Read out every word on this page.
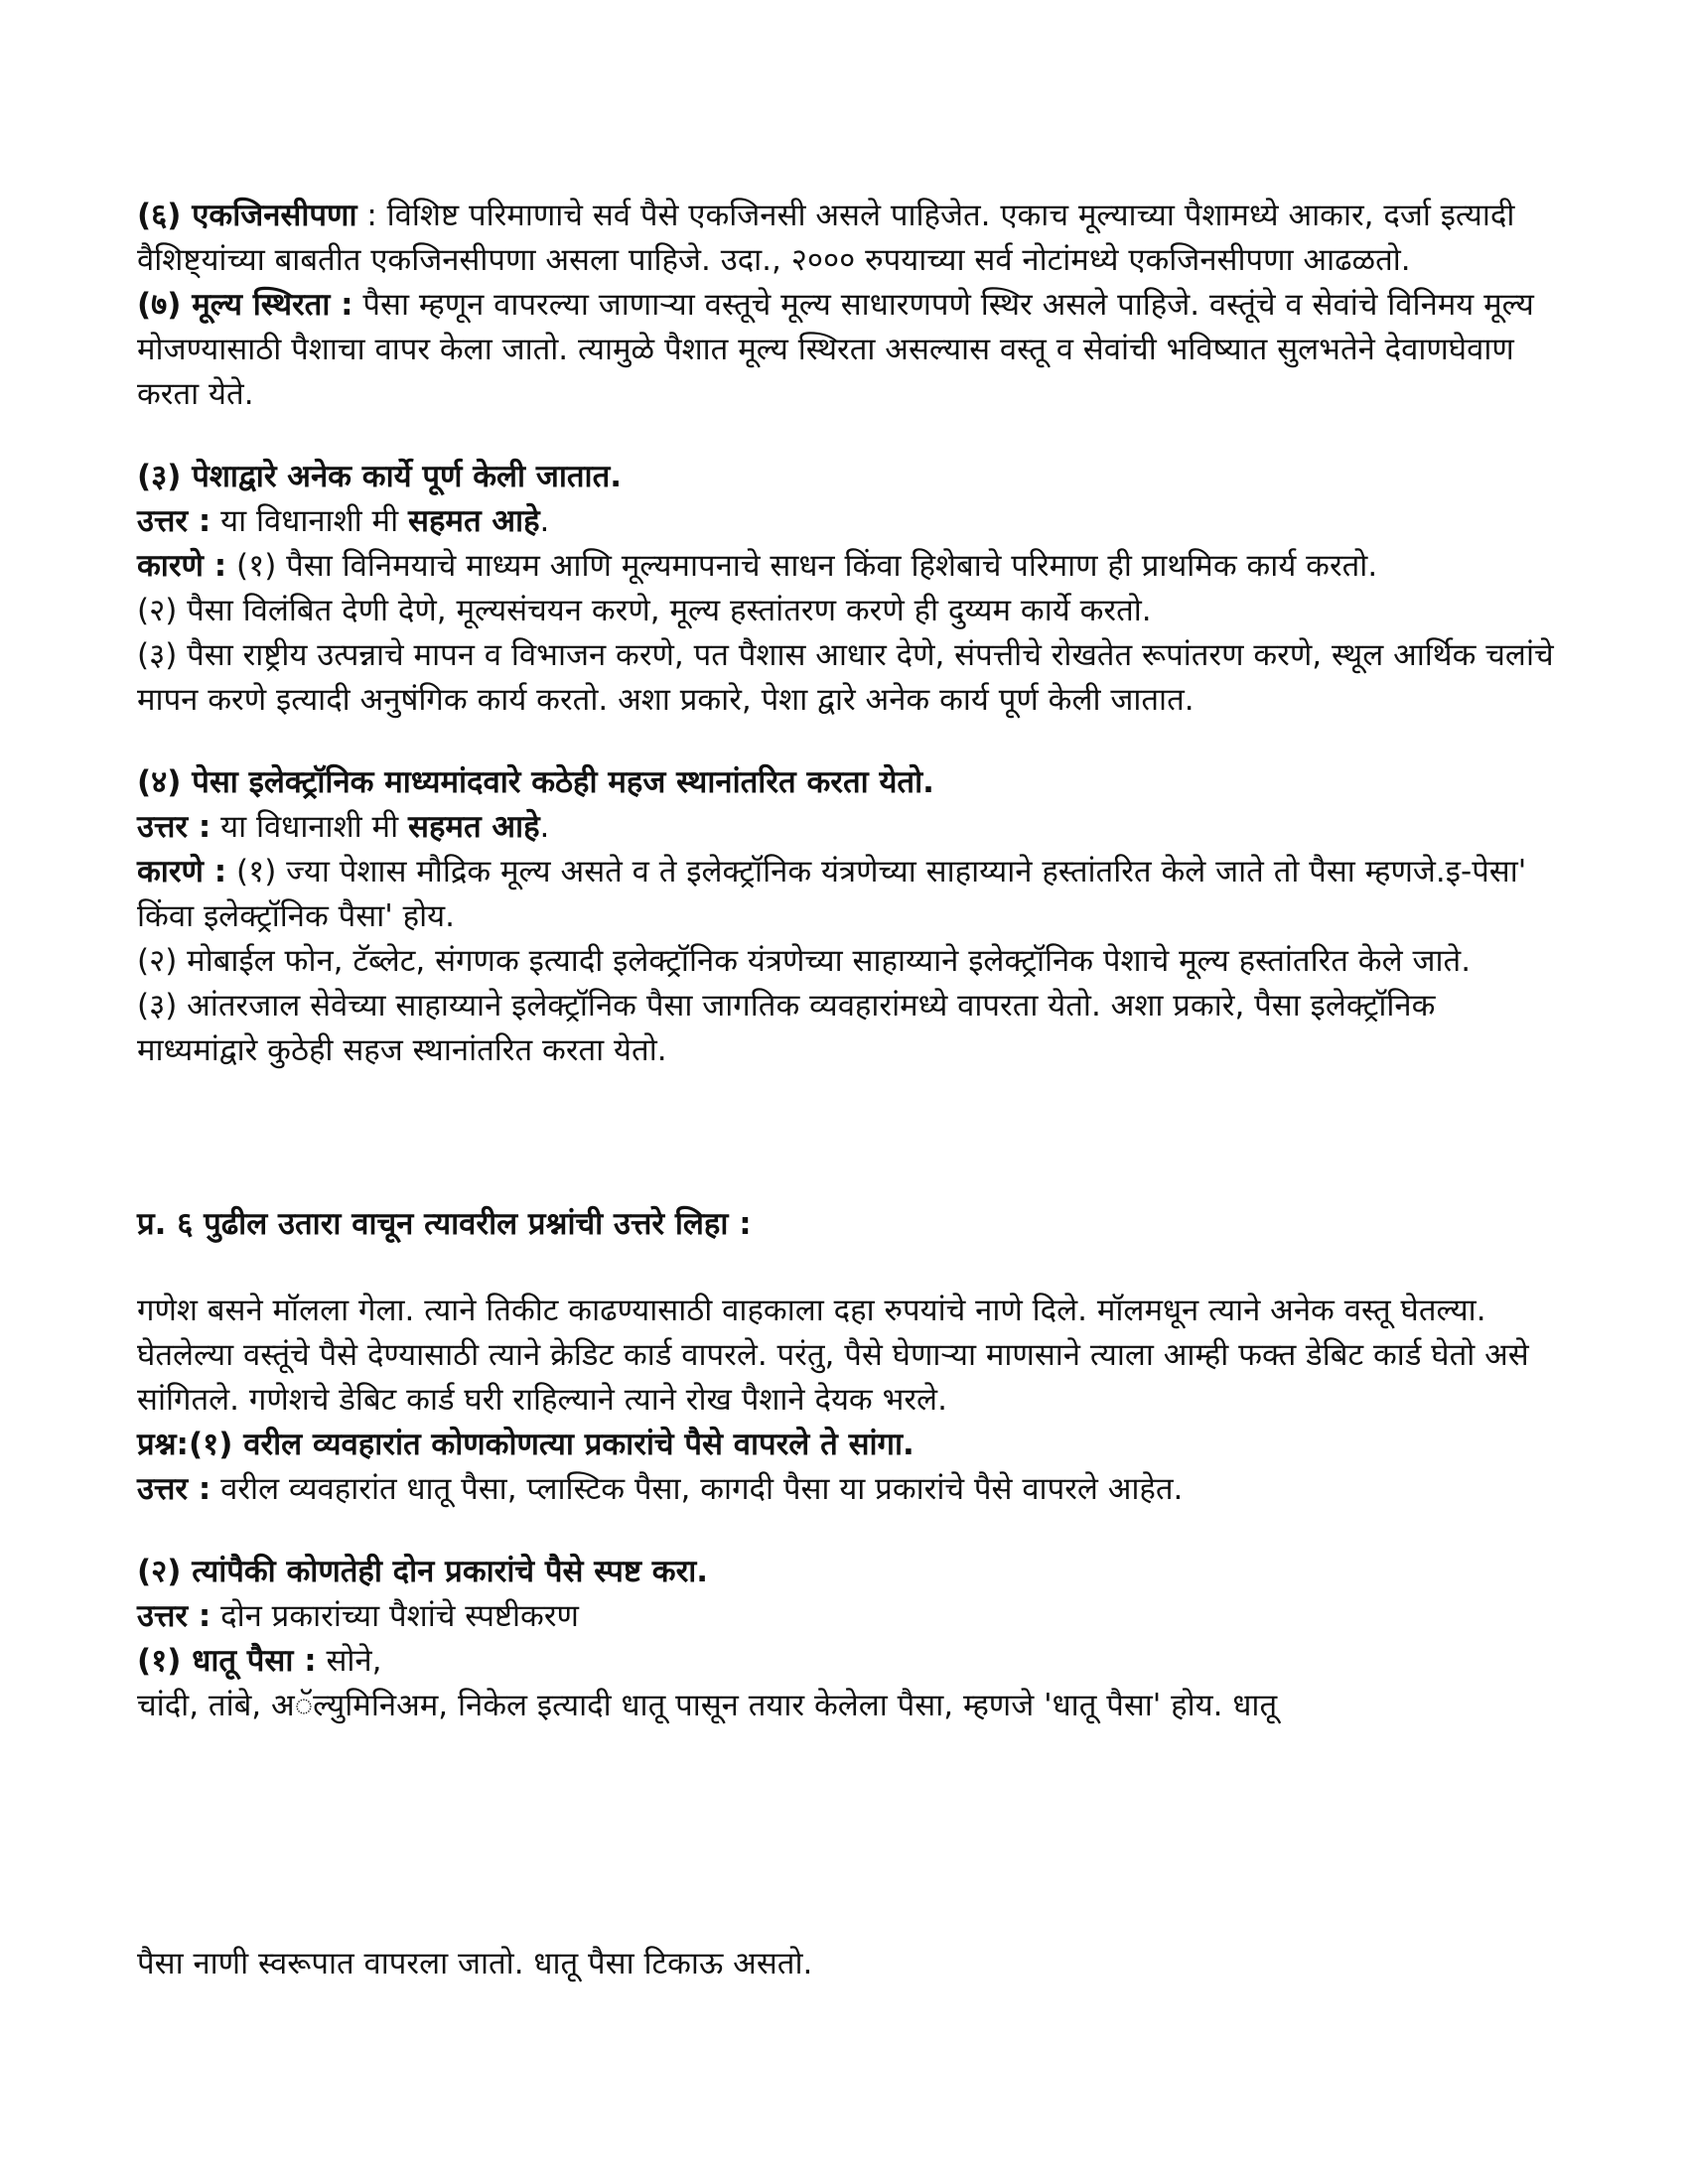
(६) एकजिनसीपणा : विशिष्ट परिमाणाचे सर्व पैसे एकजिनसी असले पाहिजेत. एकाच मूल्याच्या पैशामध्ये आकार, दर्जा इत्यादी वैशिष्ट्यांच्या बाबतीत एकजिनसीपणा असला पाहिजे. उदा., २००० रुपयाच्या सर्व नोटांमध्ये एकजिनसीपणा आढळतो.

(७) मूल्य स्थिरता : पैसा म्हणून वापरल्या जाणाऱ्या वस्तूचे मूल्य साधारणपणे स्थिर असले पाहिजे. वस्तूंचे व सेवांचे विनिमय मूल्य मोजण्यासाठी पैशाचा वापर केला जातो. त्यामुळे पैशात मूल्य स्थिरता असल्यास वस्तू व सेवांची भविष्यात सुलभतेने देवाणघेवाण करता येते.

(३) पेशाद्वारे अनेक कार्ये पूर्ण केली जातात.

उत्तर : या विधानाशी मी सहमत आहे.

कारणे : (१) पैसा विनिमयाचे माध्यम आणि मूल्यमापनाचे साधन किंवा हिशेबाचे परिमाण ही प्राथमिक कार्य करतो.

(२) पैसा विलंबित देणी देणे, मूल्यसंचयन करणे, मूल्य हस्तांतरण करणे ही दुय्यम कार्ये करतो.

(३) पैसा राष्ट्रीय उत्पन्नाचे मापन व विभाजन करणे, पत पैशास आधार देणे, संपत्तीचे रोखतेत रूपांतरण करणे, स्थूल आर्थिक चलांचे मापन करणे इत्यादी अनुषंगिक कार्य करतो. अशा प्रकारे, पेशा द्वारे अनेक कार्य पूर्ण केली जातात.

(४) पेसा इलेक्ट्रॉनिक माध्यमांदवारे कठेही महज स्थानांतरित करता येतो.

उत्तर : या विधानाशी मी सहमत आहे.

कारणे : (१) ज्या पेशास मौद्रिक मूल्य असते व ते इलेक्ट्रॉनिक यंत्रणेच्या साहाय्याने हस्तांतरित केले जाते तो पैसा म्हणजे.इ-पेसा' किंवा इलेक्ट्रॉनिक पैसा' होय.

(२) मोबाईल फोन, टॅब्लेट, संगणक इत्यादी इलेक्ट्रॉनिक यंत्रणेच्या साहाय्याने इलेक्ट्रॉनिक पेशाचे मूल्य हस्तांतरित केले जाते.

(३) आंतरजाल सेवेच्या साहाय्याने इलेक्ट्रॉनिक पैसा जागतिक व्यवहारांमध्ये वापरता येतो. अशा प्रकारे, पैसा इलेक्ट्रॉनिक माध्यमांद्वारे कुठेही सहज स्थानांतरित करता येतो.

प्र. ६ पुढील उतारा वाचून त्यावरील प्रश्नांची उत्तरे लिहा :

गणेश बसने मॉलला गेला. त्याने तिकीट काढण्यासाठी वाहकाला दहा रुपयांचे नाणे दिले. मॉलमधून त्याने अनेक वस्तू घेतल्या.

घेतलेल्या वस्तूंचे पैसे देण्यासाठी त्याने क्रेडिट कार्ड वापरले. परंतु, पैसे घेणाऱ्या माणसाने त्याला आम्ही फक्त डेबिट कार्ड घेतो असे सांगितले. गणेशचे डेबिट कार्ड घरी राहिल्याने त्याने रोख पैशाने देयक भरले.

प्रश्न:(१) वरील व्यवहारांत कोणकोणत्या प्रकारांचे पैसे वापरले ते सांगा.

उत्तर : वरील व्यवहारांत धातू पैसा, प्लास्टिक पैसा, कागदी पैसा या प्रकारांचे पैसे वापरले आहेत.

(२) त्यांपैकी कोणतेही दोन प्रकारांचे पैसे स्पष्ट करा.

उत्तर : दोन प्रकारांच्या पैशांचे स्पष्टीकरण

(१) धातू पैसा : सोने,

चांदी, तांबे, अॅल्युमिनिअम, निकेल इत्यादी धातू पासून तयार केलेला पैसा, म्हणजे 'धातू पैसा' होय. धातू

पैसा नाणी स्वरूपात वापरला जातो. धातू पैसा टिकाऊ असतो.
